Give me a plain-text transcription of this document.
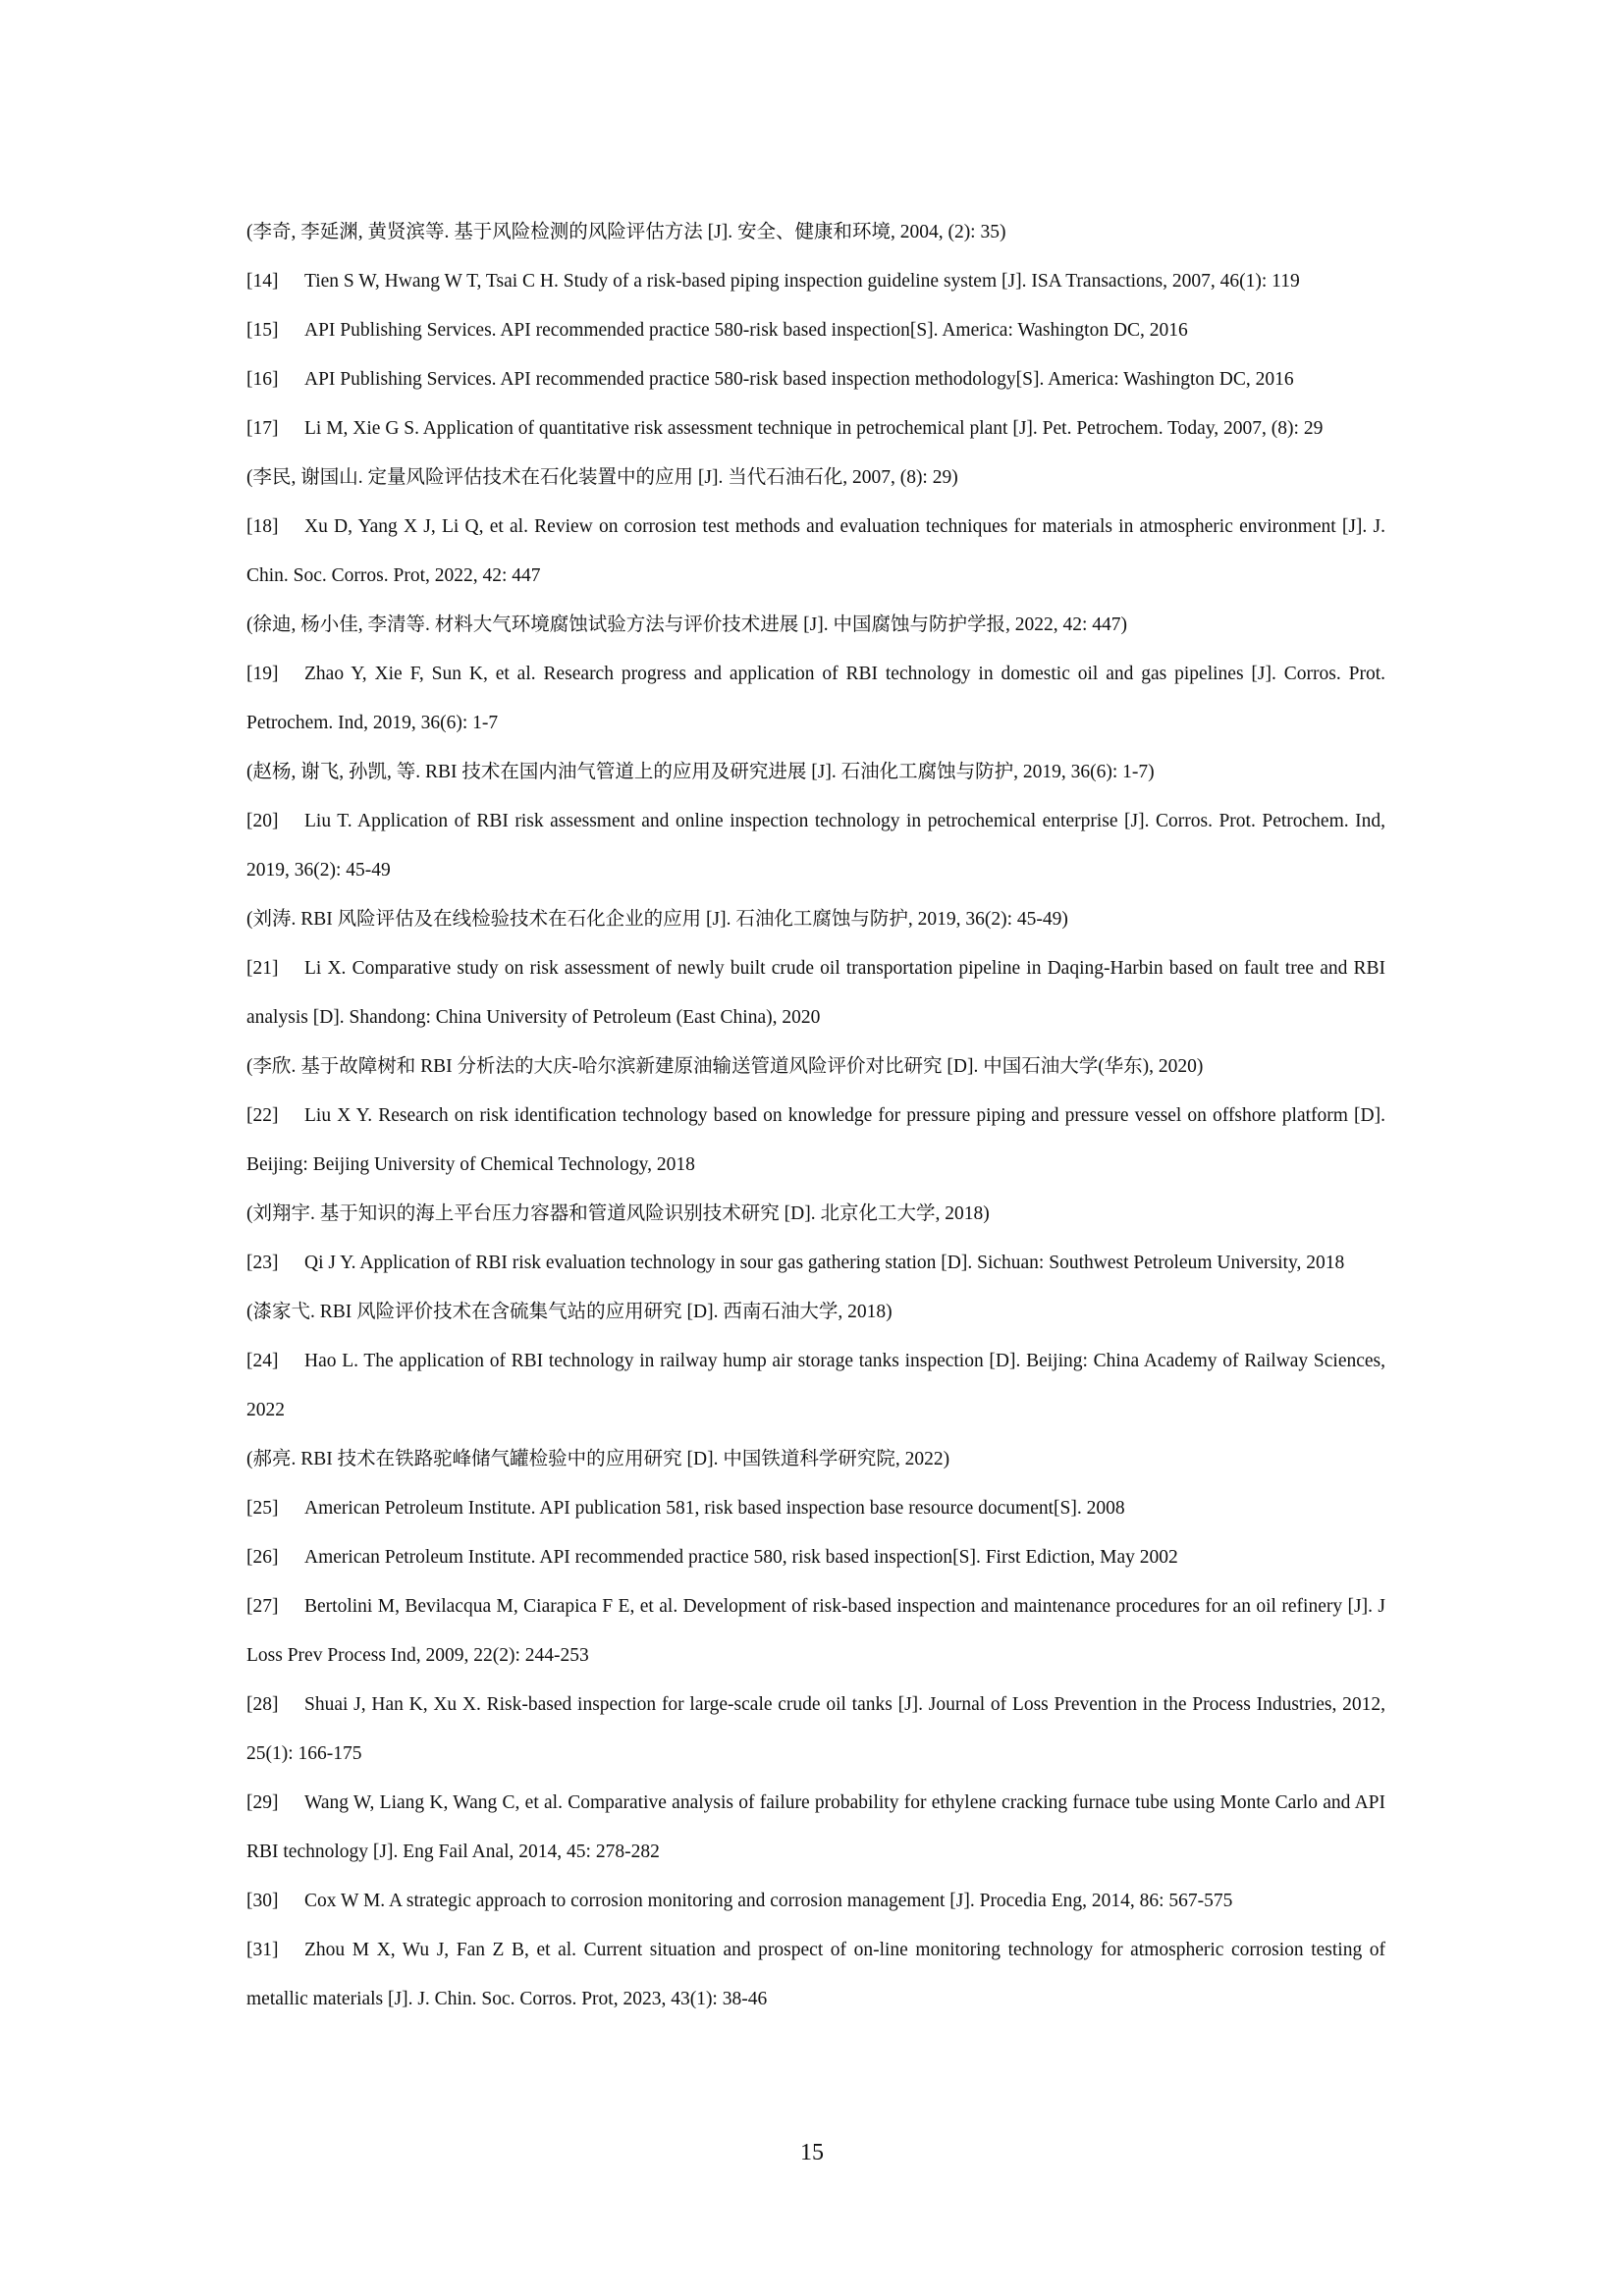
(李奇, 李延渊, 黄贤滨等. 基于风险检测的风险评估方法 [J]. 安全、健康和环境, 2004, (2): 35)

[14] Tien S W, Hwang W T, Tsai C H. Study of a risk-based piping inspection guideline system [J]. ISA Transactions, 2007, 46(1): 119

[15] API Publishing Services. API recommended practice 580-risk based inspection[S]. America: Washington DC, 2016

[16] API Publishing Services. API recommended practice 580-risk based inspection methodology[S]. America: Washington DC, 2016

[17] Li M, Xie G S. Application of quantitative risk assessment technique in petrochemical plant [J]. Pet. Petrochem. Today, 2007, (8): 29

(李民, 谢国山. 定量风险评估技术在石化装置中的应用 [J]. 当代石油石化, 2007, (8): 29)

[18] Xu D, Yang X J, Li Q, et al. Review on corrosion test methods and evaluation techniques for materials in atmospheric environment [J]. J. Chin. Soc. Corros. Prot, 2022, 42: 447

(徐迪, 杨小佳, 李清等. 材料大气环境腐蚀试验方法与评价技术进展 [J]. 中国腐蚀与防护学报, 2022, 42: 447)

[19] Zhao Y, Xie F, Sun K, et al. Research progress and application of RBI technology in domestic oil and gas pipelines [J]. Corros. Prot. Petrochem. Ind, 2019, 36(6): 1-7

(赵杨, 谢飞, 孙凯, 等. RBI 技术在国内油气管道上的应用及研究进展 [J]. 石油化工腐蚀与防护, 2019, 36(6): 1-7)

[20] Liu T. Application of RBI risk assessment and online inspection technology in petrochemical enterprise [J]. Corros. Prot. Petrochem. Ind, 2019, 36(2): 45-49

(刘涛. RBI 风险评估及在线检验技术在石化企业的应用 [J]. 石油化工腐蚀与防护, 2019, 36(2): 45-49)

[21] Li X. Comparative study on risk assessment of newly built crude oil transportation pipeline in Daqing-Harbin based on fault tree and RBI analysis [D]. Shandong: China University of Petroleum (East China), 2020

(李欣. 基于故障树和 RBI 分析法的大庆-哈尔滨新建原油输送管道风险评价对比研究 [D]. 中国石油大学(华东), 2020)

[22] Liu X Y. Research on risk identification technology based on knowledge for pressure piping and pressure vessel on offshore platform [D]. Beijing: Beijing University of Chemical Technology, 2018

(刘翔宇. 基于知识的海上平台压力容器和管道风险识别技术研究 [D]. 北京化工大学, 2018)

[23] Qi J Y. Application of RBI risk evaluation technology in sour gas gathering station [D]. Sichuan: Southwest Petroleum University, 2018

(漆家弋. RBI 风险评价技术在含硫集气站的应用研究 [D]. 西南石油大学, 2018)

[24] Hao L. The application of RBI technology in railway hump air storage tanks inspection [D]. Beijing: China Academy of Railway Sciences, 2022

(郝亮. RBI 技术在铁路驼峰储气罐检验中的应用研究 [D]. 中国铁道科学研究院, 2022)

[25] American Petroleum Institute. API publication 581, risk based inspection base resource document[S]. 2008

[26] American Petroleum Institute. API recommended practice 580, risk based inspection[S]. First Ediction, May 2002

[27] Bertolini M, Bevilacqua M, Ciarapica F E, et al. Development of risk-based inspection and maintenance procedures for an oil refinery [J]. J Loss Prev Process Ind, 2009, 22(2): 244-253

[28] Shuai J, Han K, Xu X. Risk-based inspection for large-scale crude oil tanks [J]. Journal of Loss Prevention in the Process Industries, 2012, 25(1): 166-175

[29] Wang W, Liang K, Wang C, et al. Comparative analysis of failure probability for ethylene cracking furnace tube using Monte Carlo and API RBI technology [J]. Eng Fail Anal, 2014, 45: 278-282

[30] Cox W M. A strategic approach to corrosion monitoring and corrosion management [J]. Procedia Eng, 2014, 86: 567-575

[31] Zhou M X, Wu J, Fan Z B, et al. Current situation and prospect of on-line monitoring technology for atmospheric corrosion testing of metallic materials [J]. J. Chin. Soc. Corros. Prot, 2023, 43(1): 38-46

15
